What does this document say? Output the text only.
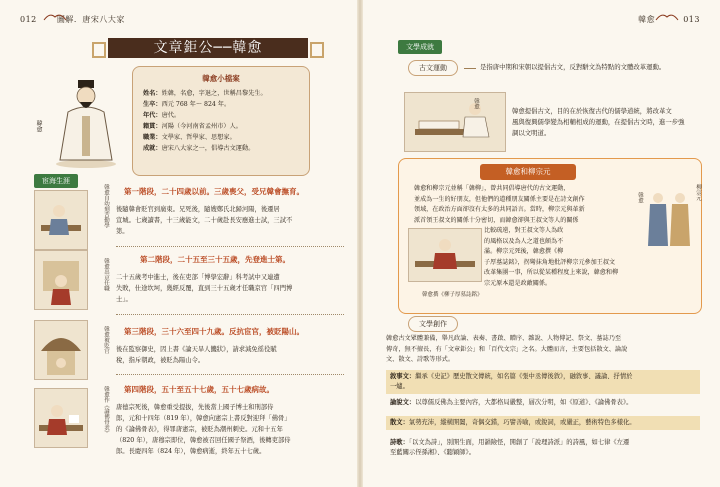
012	圖解．唐宋八大家
文章鉅公──韓愈
韓愈
韓愈小檔案
姓名：姓韓，名愈，字退之，世稱昌黎先生。
生卒：西元 768 年～ 824 年。
年代：唐代。
籍貫：河陽（今河南省孟州市）人。
職業：文學家、哲學家、思想家。
成就：唐宋八大家之一，倡導古文運動。
宦海生涯
韓愈自幼刻苦勤學 第一階段，二十四歲以前。三歲喪父，受兄韓會撫育。
後隨韓會貶官到廣東。兄死後，隨嫂鄭氏北歸河陽，後遷居
宣城。七歲讀書，十三歲能文，二十歲赴長安應進士試，三試不
第。
韓愈出京任職	第二階段，二十五至三十五歲，先登進士第。
二十五歲考中進士，後在吏部「博學宏辭」科考試中又連遭
失敗，仕途坎坷，幾經反覆，直到三十五歲才任職京官「四門博
士」。
韓愈被貶官 第三階段，三十六至四十九歲。反抗宦官，被貶陽山。
後在監察御史，因上書《論天旱人饑狀》，請求減免徭役賦
稅，指斥朝政，被貶為陽山令。
韓愈作《論佛骨表》 第四階段，五十至五十七歲，五十七歲病故。
唐德宗死後，韓愈重受提拔，先後當上國子博士和刑部侍
郎，元和十四年（819 年），韓愈向憲宗上書反對迎拜「佛骨」
的《論佛骨表》，得罪唐憲宗，被貶為潮州刺史。元和十五年
（820 年），唐穆宗即位，韓愈被召回任國子祭酒，後轉吏部侍
郎。長慶四年（824 年），韓愈病逝，終年五十七歲。
韓愈	013
文學成就
古文運動	是指唐中期和宋朝以提倡古文，反對駢文為特點的文體改革運動。
韓愈
韓愈提倡古文，目的在於恢復古代的儒學道統，將改革文
風與復興儒學變為相輔相成的運動，在提倡古文時，進一步強
調以文明道。
韓愈和柳宗元
韓愈和柳宗元並稱「韓柳」，曾共同倡導唐代的古文運動，
並成為一生的好朋友，但他們的道種朋友關係主要是在詩文創作
領域，在政治方面卻沒有太多的共同語言。當時，柳宗元與革新
派首領王叔文的關係十分密切，而韓愈卻與王叔文等人的關係
比較疏遠，對王叔文等人為政
的風格以及為人之道也頗為不
滿。柳宗元死後，韓愈撰《柳
子厚墓誌銘》，拐彎抹角地批評柳宗元參加王叔文
改革集團一事，所以從某種程度上來說，韓愈和柳
宗元原本還是政敵關係。
韓愈撰《柳子厚墓誌銘》
韓愈	柳宗元
文學創作
韓愈古文眾體兼備，舉凡政論、表奏、書啟、贈序、雜說、人物傳記、祭文、墓誌乃至
傳奇，無不擅長，有「文章鉅公」和「百代文宗」之名。大體而言，主要包括散文、論說
文、散文、詩歌等形式。
敘事文：繼承《史記》歷史散文傳統，如名篇《張中丞傳後敘》，融敘事、議論、抒情於
一爐。
論說文：以尊儒反佛為主要內容，大都格局嚴整，層次分明，如《原道》、《論佛骨表》。
散文：氣勢充沛，縱橫開闔，奇偶交錯，巧譬善喻，或銳詞，或嚴正，藝術特色多樣化。
詩歌：「以文為詩」，別開生面，用韻險怪，開創了「說理詩派」的詩風，如七律《左遷
至藍關示侄孫湘》、《聽穎師》。
